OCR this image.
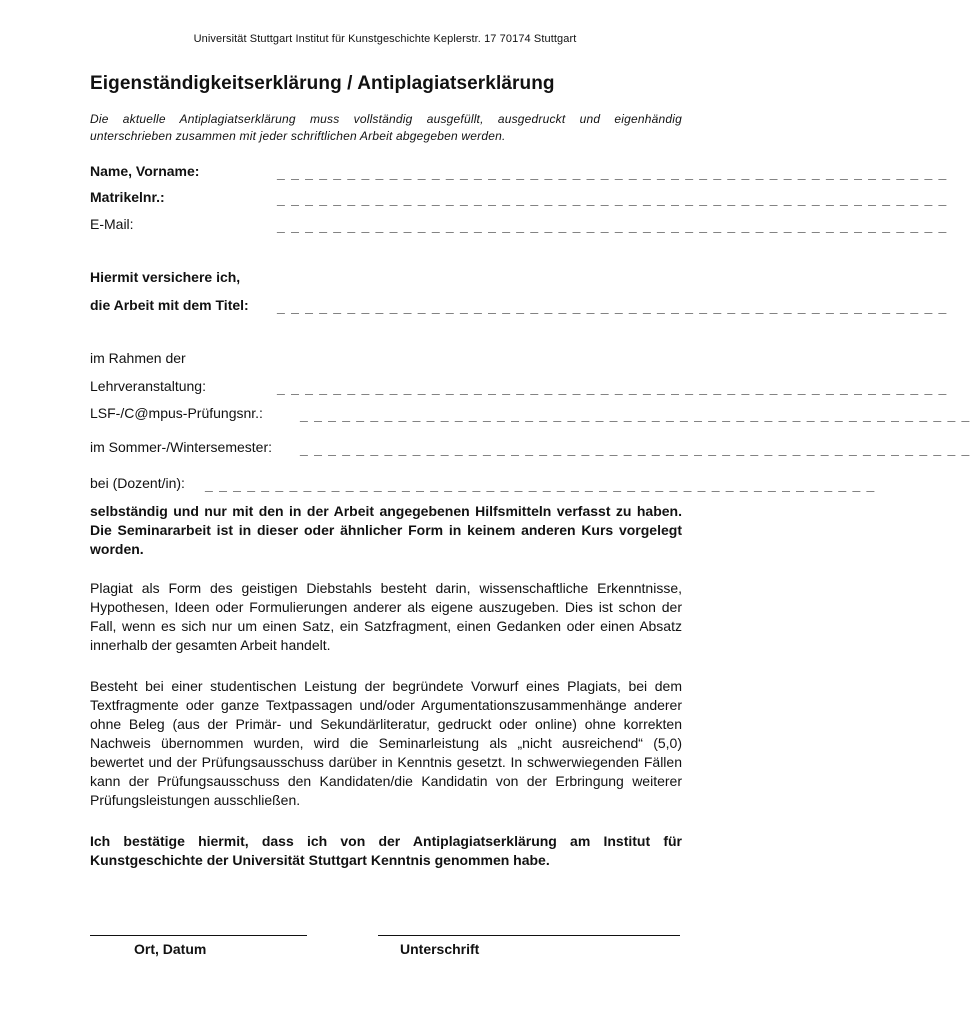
Universität Stuttgart Institut für Kunstgeschichte Keplerstr. 17 70174 Stuttgart
Eigenständigkeitserklärung / Antiplagiatserklärung
Die aktuelle Antiplagiatserklärung muss vollständig ausgefüllt, ausgedruckt und eigenhändig unterschrieben zusammen mit jeder schriftlichen Arbeit abgegeben werden.
Name, Vorname:	_ _ _ _ _ _ _ _ _ _ _ _ _ _ _ _ _ _ _ _ _ _ _ _ _ _ _ _ _ _ _ _ _ _ _ _ _ _ _ _ _ _ _ _ _ _ _ _
Matrikelnr.:	_ _ _ _ _ _ _ _ _ _ _ _ _ _ _ _ _ _ _ _ _ _ _ _ _ _ _ _ _ _ _ _ _ _ _ _ _ _ _ _ _ _ _ _ _ _ _ _
E-Mail:	_ _ _ _ _ _ _ _ _ _ _ _ _ _ _ _ _ _ _ _ _ _ _ _ _ _ _ _ _ _ _ _ _ _ _ _ _ _ _ _ _ _ _ _ _ _ _ _
Hiermit versichere ich,
die Arbeit mit dem Titel: _ _ _ _ _ _ _ _ _ _ _ _ _ _ _ _ _ _ _ _ _ _ _ _ _ _ _ _ _ _ _ _ _ _ _ _ _ _ _ _ _ _ _ _ _ _ _ _
im Rahmen der
Lehrveranstaltung:	_ _ _ _ _ _ _ _ _ _ _ _ _ _ _ _ _ _ _ _ _ _ _ _ _ _ _ _ _ _ _ _ _ _ _ _ _ _ _ _ _ _ _ _ _ _ _ _
LSF-/C@mpus-Prüfungsnr.:	_ _ _ _ _ _ _ _ _ _ _ _ _ _ _ _ _ _ _ _ _ _ _ _ _ _ _ _ _ _ _ _ _ _ _ _ _ _ _ _ _ _ _ _ _ _ _ _
im Sommer-/Wintersemester: _ _ _ _ _ _ _ _ _ _ _ _ _ _ _ _ _ _ _ _ _ _ _ _ _ _ _ _ _ _ _ _ _ _ _ _ _ _ _ _ _ _ _ _ _ _ _ _
bei (Dozent/in): _ _ _ _ _ _ _ _ _ _ _ _ _ _ _ _ _ _ _ _ _ _ _ _ _ _ _ _ _ _ _ _ _ _ _ _ _ _ _ _ _ _ _ _ _ _ _ _
selbständig und nur mit den in der Arbeit angegebenen Hilfsmitteln verfasst zu haben. Die Seminararbeit ist in dieser oder ähnlicher Form in keinem anderen Kurs vorgelegt worden.
Plagiat als Form des geistigen Diebstahls besteht darin, wissenschaftliche Erkenntnisse, Hypothesen, Ideen oder Formulierungen anderer als eigene auszugeben. Dies ist schon der Fall, wenn es sich nur um einen Satz, ein Satzfragment, einen Gedanken oder einen Absatz innerhalb der gesamten Arbeit handelt.
Besteht bei einer studentischen Leistung der begründete Vorwurf eines Plagiats, bei dem Textfragmente oder ganze Textpassagen und/oder Argumentationszusammenhänge anderer ohne Beleg (aus der Primär- und Sekundärliteratur, gedruckt oder online) ohne korrekten Nachweis übernommen wurden, wird die Seminarleistung als „nicht ausreichend“ (5,0) bewertet und der Prüfungsausschuss darüber in Kenntnis gesetzt. In schwerwiegenden Fällen kann der Prüfungsausschuss den Kandidaten/die Kandidatin von der Erbringung weiterer Prüfungsleistungen ausschließen.
Ich bestätige hiermit, dass ich von der Antiplagiatserklärung am Institut für Kunstgeschichte der Universität Stuttgart Kenntnis genommen habe.
Ort, Datum	Unterschrift
